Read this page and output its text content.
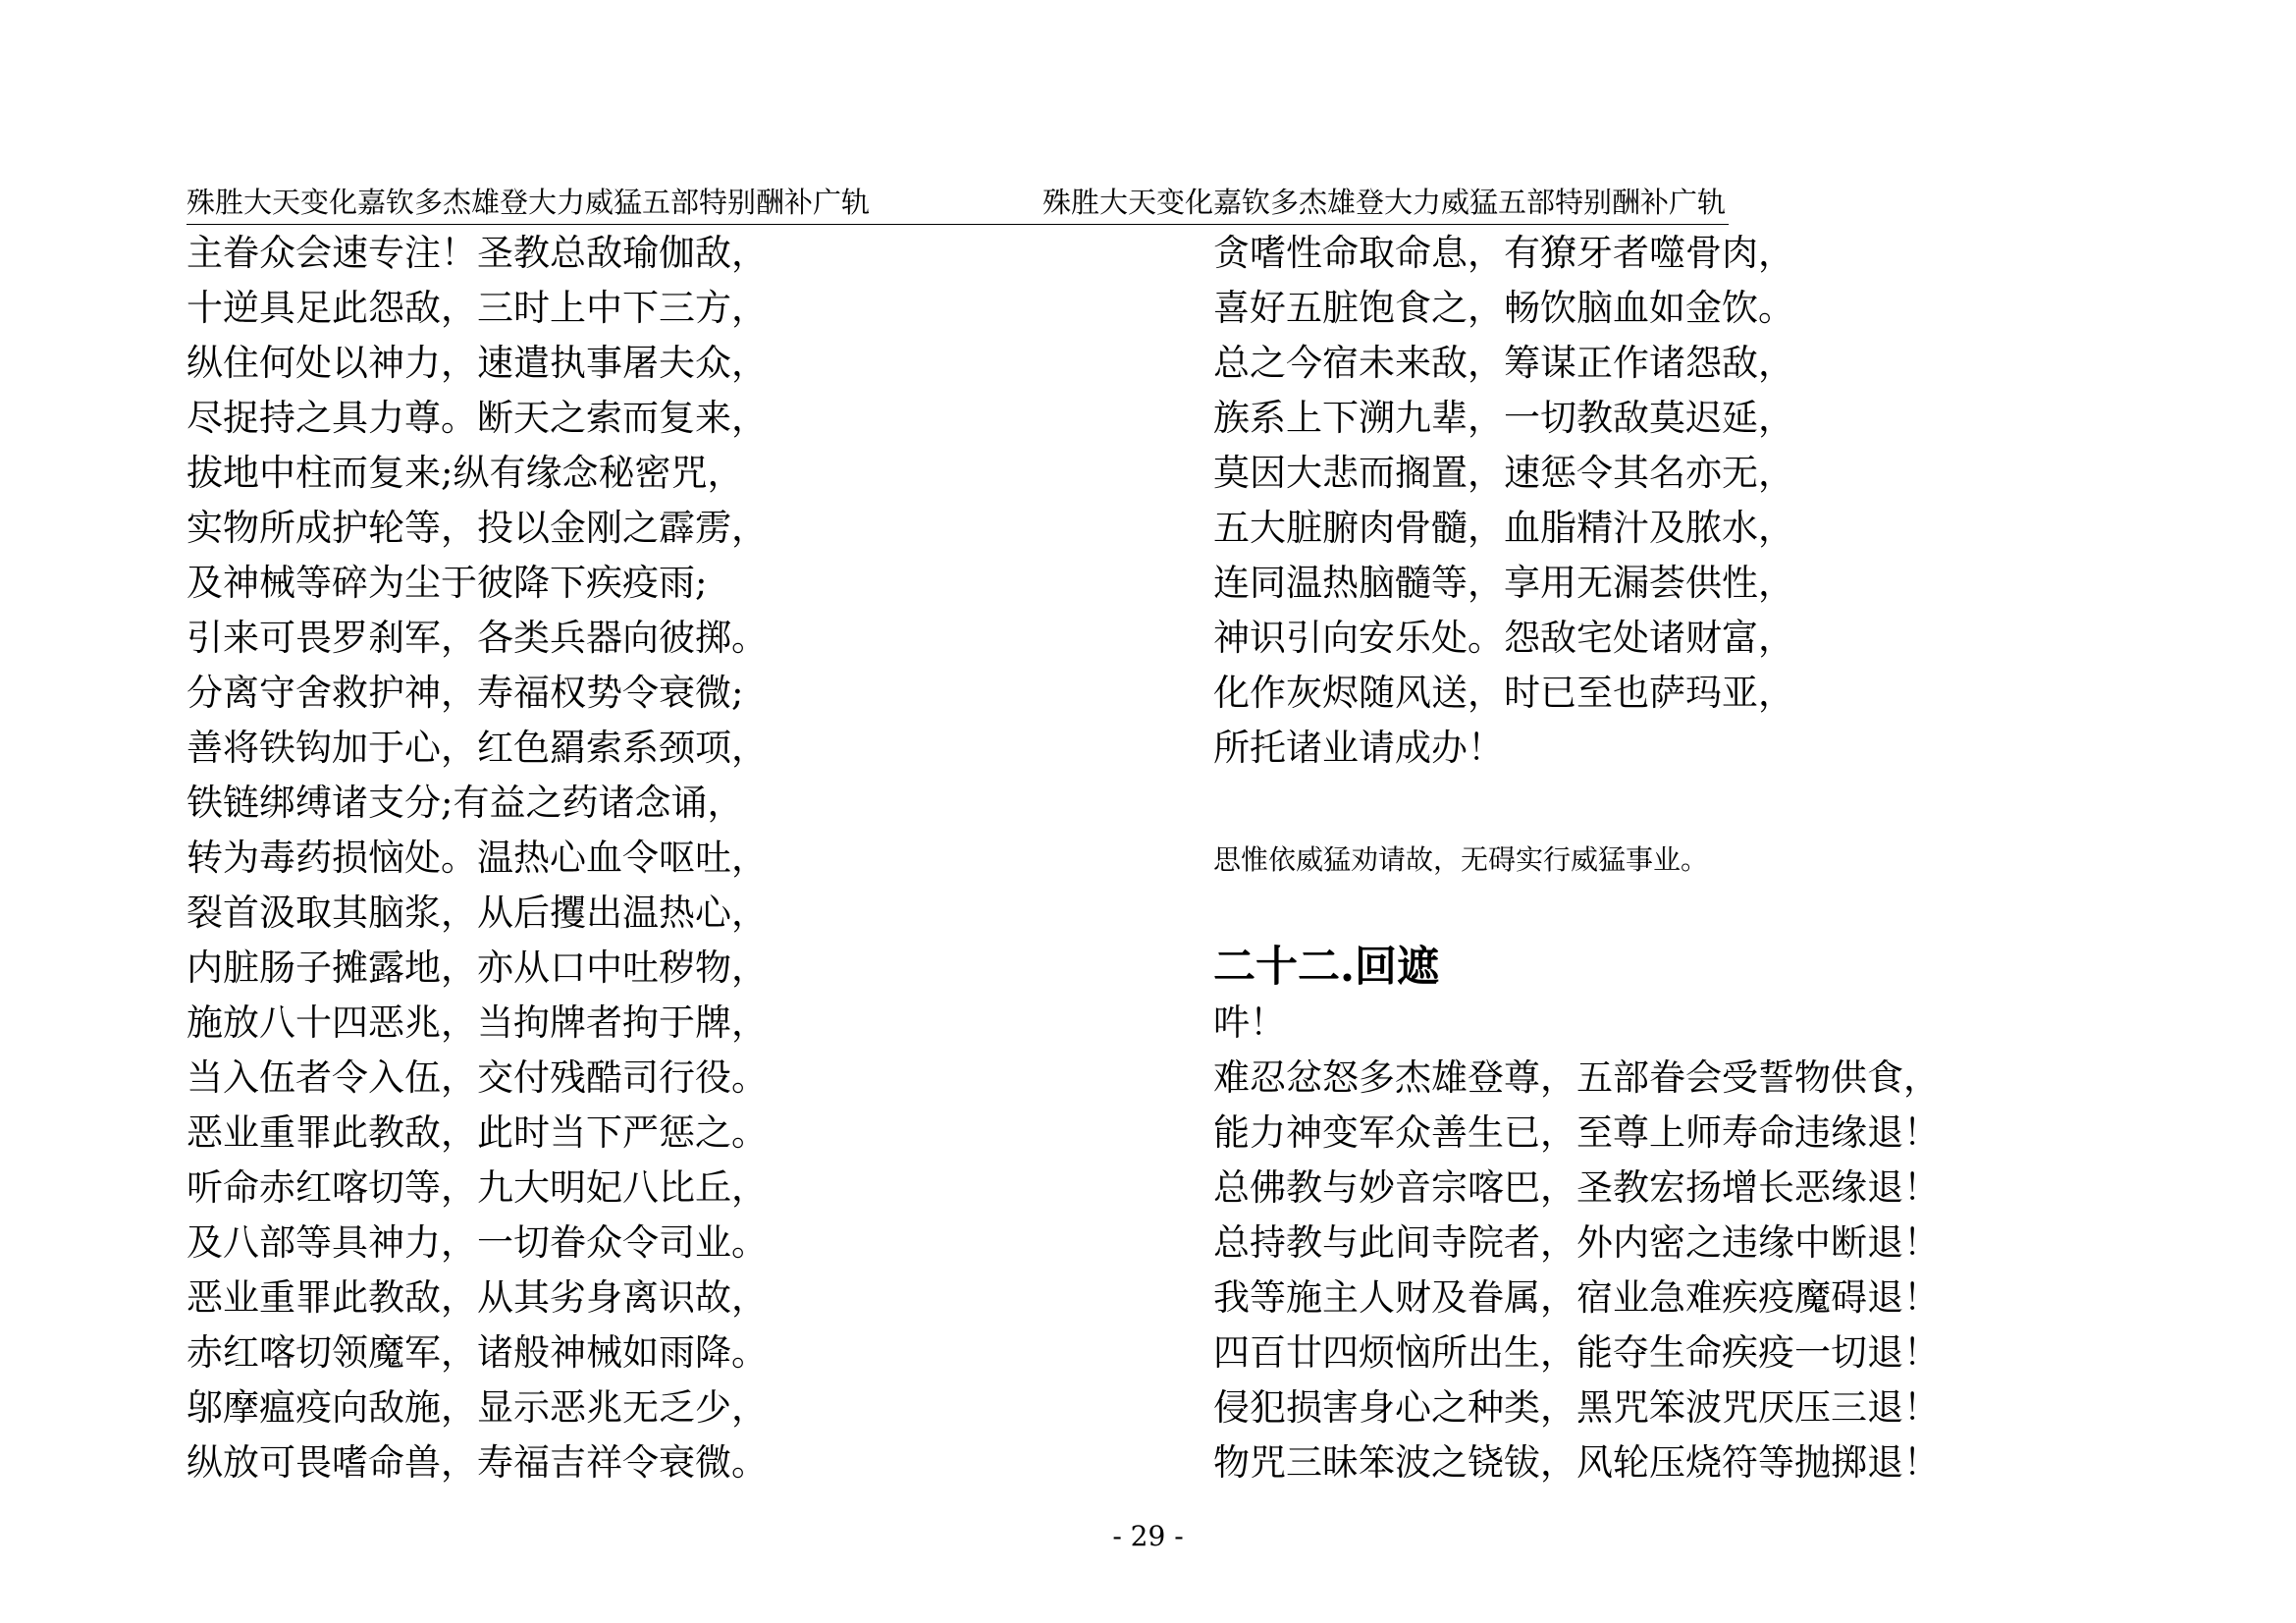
殊胜大天变化嘉钦多杰雄登大力威猛五部特别酬补广轨	殊胜大天变化嘉钦多杰雄登大力威猛五部特别酬补广轨
主眷众会速专注！圣教总敌瑜伽敌，
十逆具足此怨敌，三时上中下三方，
纵住何处以神力，速遣执事屠夫众，
尽捉持之具力尊。断天之索而复来，
拔地中柱而复来;纵有缘念秘密咒，
实物所成护轮等，投以金刚之霹雳，
及神械等碎为尘于彼降下疾疫雨;
引来可畏罗刹军，各类兵器向彼掷。
分离守舍救护神，寿福权势令衰微;
善将铁钩加于心，红色羂索系颈项，
铁链绑缚诸支分;有益之药诸念诵，
转为毒药损恼处。温热心血令呕吐，
裂首汲取其脑浆，从后攫出温热心，
内脏肠子摊露地，亦从口中吐秽物，
施放八十四恶兆，当拘牌者拘于牌，
当入伍者令入伍，交付残酷司行役。
恶业重罪此教敌，此时当下严惩之。
听命赤红喀切等，九大明妃八比丘，
及八部等具神力，一切眷众令司业。
恶业重罪此教敌，从其劣身离识故，
赤红喀切领魔军，诸般神械如雨降。
邬摩瘟疫向敌施，显示恶兆无乏少，
纵放可畏嗜命兽，寿福吉祥令衰微。
贪嗜性命取命息，有獠牙者噬骨肉，
喜好五脏饱食之，畅饮脑血如金饮。
总之今宿未来敌，筹谋正作诸怨敌，
族系上下溯九辈，一切教敌莫迟延，
莫因大悲而搁置，速惩令其名亦无，
五大脏腑肉骨髓，血脂精汁及脓水，
连同温热脑髓等，享用无漏荟供性，
神识引向安乐处。怨敌宅处诸财富，
化作灰烬随风送，时已至也萨玛亚，
所托诸业请成办！
思惟依威猛劝请故，无碍实行威猛事业。
二十二.回遮
吽！
难忍忿怒多杰雄登尊，五部眷会受誓物供食，
能力神变军众善生已，至尊上师寿命违缘退！
总佛教与妙音宗喀巴，圣教宏扬增长恶缘退！
总持教与此间寺院者，外内密之违缘中断退！
我等施主人财及眷属，宿业急难疾疫魔碍退！
四百廿四烦恼所出生，能夺生命疾疫一切退！
侵犯损害身心之种类，黑咒笨波咒厌压三退！
物咒三昧笨波之铙钹，风轮压烧符等抛掷退！
- 29 -
